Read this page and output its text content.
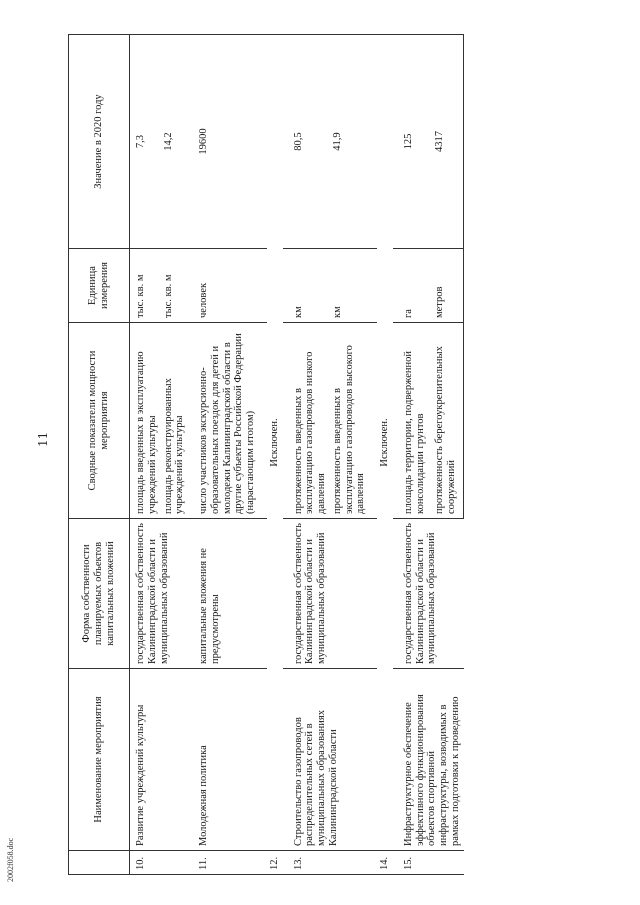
11
	Наименование мероприятия	Форма собственности планируемых объектов капитальных вложений	Сводные показатели мощности мероприятия	Единица измерения	Значение в 2020 году
10.	Развитие учреждений культуры	государственная собственность Калининградской области и муниципальных образований	площадь введенных в эксплуатацию учреждений культуры	тыс. кв. м	7,3
			площадь реконструированных учреждений культуры	тыс. кв. м	14,2

11.	Молодежная политика	капитальные вложения не предусмотрены	число участников экскурсионно-образовательных поездок для детей и молодежи Калининградской области в другие субъекты Российской Федерации (нарастающим итогом)	человек	19600

12.	Исключен.				

13.	Строительство газопроводов распределительных сетей в муниципальных образованиях Калининградской области	государственная собственность Калининградской области и муниципальных образований	протяженность введенных в эксплуатацию газопроводов низкого давления	км	80,5
			протяженность введенных в эксплуатацию газопроводов высокого давления	км	41,9

14.	Исключен.				

15.	Инфраструктурное обеспечение эффективного функционирования объектов спортивной инфраструктуры, возводимых в рамках подготовки к проведению	государственная собственность Калининградской области и муниципальных образований	площадь территории, подверженной консолидации грунтов	га	125
			протяженность берегоукрепительных сооружений	метров	4317
2002f058.doc
